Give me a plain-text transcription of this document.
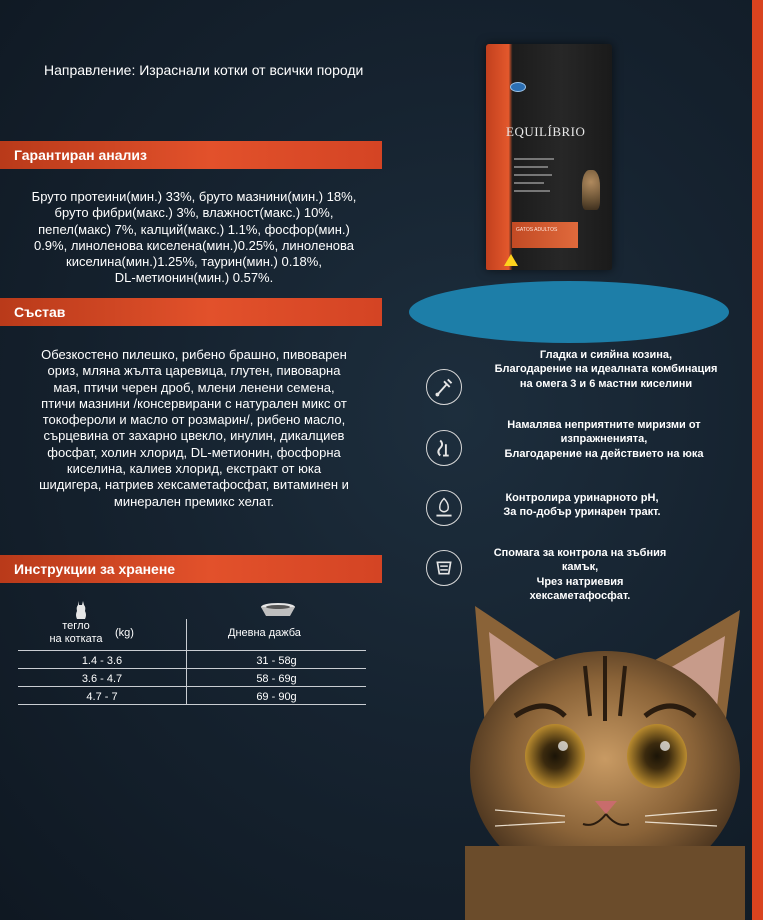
Направление: Израснали котки от всички породи
Гарантиран анализ
Бруто протеини(мин.) 33%, бруто мазнини(мин.) 18%,
бруто фибри(макс.) 3%, влажност(макс.) 10%,
пепел(макс) 7%, калций(макс.) 1.1%, фосфор(мин.)
0.9%, линоленова киселена(мин.)0.25%, линоленова
киселина(мин.)1.25%, таурин(мин.) 0.18%,
DL-метионин(мин.) 0.57%.
Състав
Обезкостено пилешко, рибено брашно, пивоварен
ориз, мляна жълта царевица, глутен, пивоварна
мая, птичи черен дроб, млени ленени семена,
птичи мазнини /консервирани с натурален микс от
токофероли и масло от розмарин/, рибено масло,
сърцевина от захарно цвекло, инулин, дикалциев
фосфат, холин хлорид, DL-метионин, фосфорна
киселина, калиев хлорид, екстракт от юка
шидигера, натриев хексаметафосфат, витаминен и
минерален премикс хелат.
Инструкции за хранене
тегло
на котката	(kg)	Дневна дажба
1.4 - 3.6	31 - 58g
3.6 - 4.7	58 - 69g
4.7 - 7	69 - 90g
EQUILÍBRIO
GATOS ADULTOS
Гладка и сияйна козина,
Благодарение на идеалната комбинация
на омега 3 и 6 мастни киселини
Намалява неприятните миризми от
изпражненията,
Благодарение на действието на юка
Контролира уринарното pH,
За по-добър уринарен тракт.
Спомага за контрола на зъбния
камък,
Чрез натриевия
хексаметафосфат.
